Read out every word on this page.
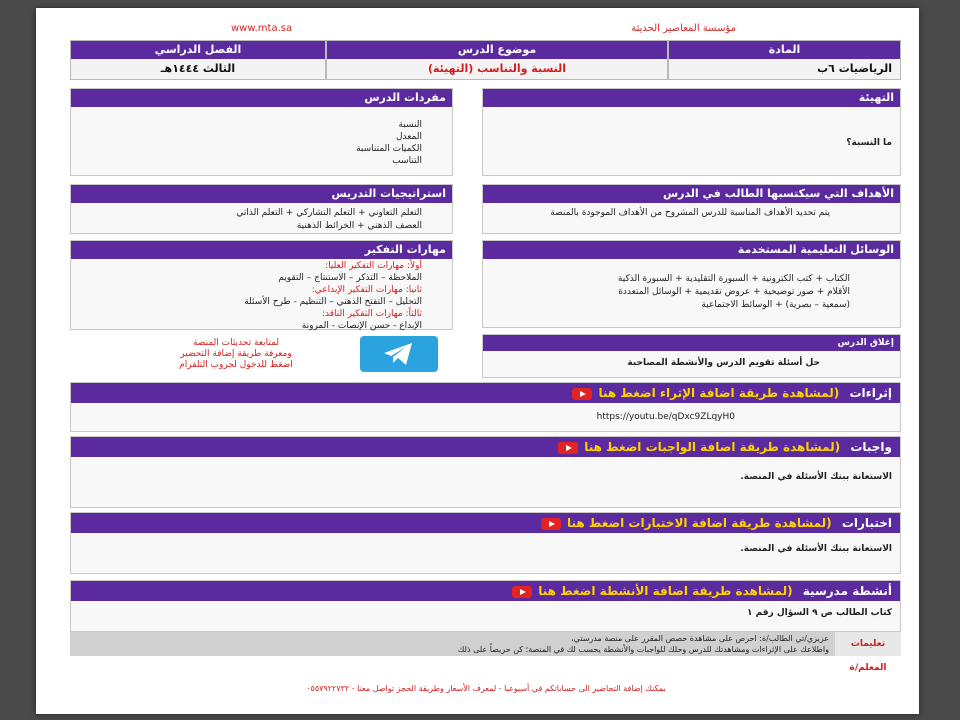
www.mta.sa	مؤسسة المعاصير الحديثة
الفصل الدراسي
الثالث ١٤٤٤هـ
موضوع الدرس
النسبة والتناسب (التهيئة)
المادة
الرياضيات ٦ب
التهيئة
ما النسبة؟
مفردات الدرس
النسبة
المعدل
الكميات المتناسبة
التناسب
الأهداف التي سيكتسبها الطالب في الدرس
يتم تحديد الأهداف المناسبة للدرس المشروح من الأهداف الموجودة بالمنصة
استراتيجيات التدريس
التعلم التعاوني + التعلم التشاركي + التعلم الذاتي
العصف الذهني + الخرائط الذهنية
الوسائل التعليمية المستخدمة
الكتاب + كتب الكترونية + السبورة التقليدية + السبورة الذكية
الأقلام + صور توضيحية + عروض تقديمية + الوسائل المتعددة
(سمعية – بصرية) + الوسائط الاجتماعية
مهارات التفكير
أولاً: مهارات التفكير العليا:
الملاحظة – التذكر – الاستنتاج – التقويم
ثانيا: مهارات التفكير الإبداعي:
التحليل – التفتح الذهني – التنظيم - طرح الأسئلة
ثالثاً: مهارات التفكير الناقد:
الإبداع - حسن الإنصات - المرونة
لمتابعة تحديثات المنصة
ومعرفة طريقة إضافة التحضير
اضغط للدخول لجروب التلقرام
إغلاق الدرس
حل أسئلة تقويم الدرس والأنشطة المصاحبة
إثراءات (لمشاهدة طريقة اضافة الإثراء اضغط هنا
https://youtu.be/qDxc9ZLqyH0
واجبات (لمشاهدة طريقة اضافة الواجبات اضغط هنا
الاستعانة ببنك الأسئلة في المنصة.
اختبارات (لمشاهدة طريقة اضافة الاختبارات اضغط هنا
الاستعانة ببنك الأسئلة في المنصة.
أنشطة مدرسية (لمشاهدة طريقة اضافة الأنشطة اضغط هنا
كتاب الطالب ص ٩ السؤال رقم ١
تعليمات المعلم/ة
عزيزي/تي الطالب/ة: احرص على مشاهدة حصص المقرر على منصة مدرستي،
واطلاعك على الإثراءات ومشاهدتك للدرس وحلك للواجبات والأنشطة يحسب لك في المنصة؛ كن حريصاً على ذلك
يمكنك إضافة التحاضير الى حساباتكم في أسبوعيا - لمعرف الأسعار وطريقة الحجز تواصل معنا - ٠٥٥٧٩٢٢٧٣٢
